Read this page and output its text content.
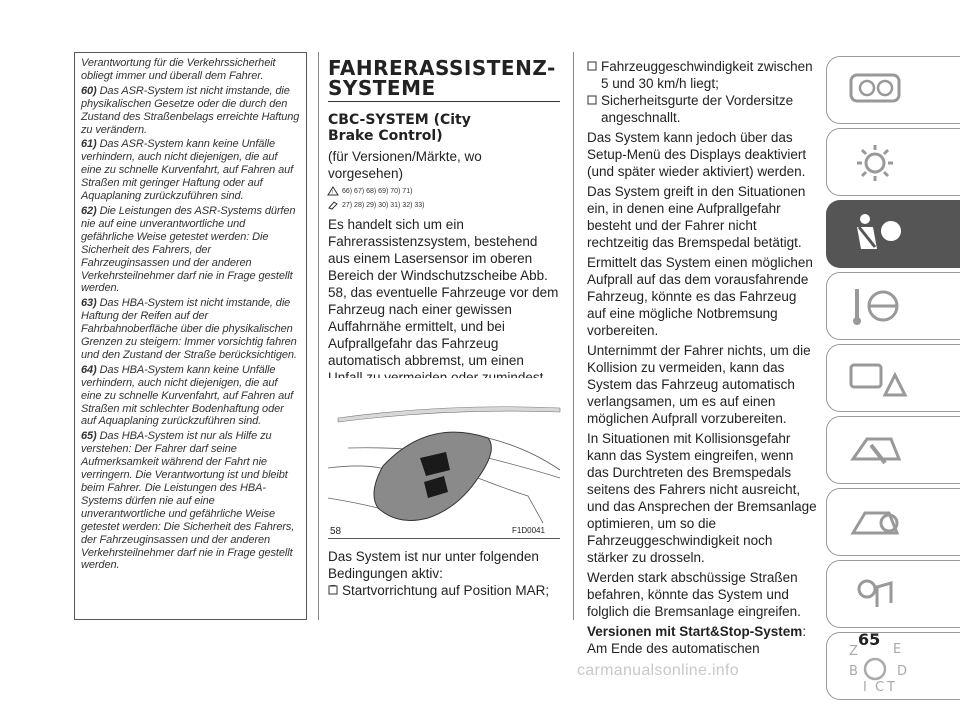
Verantwortung für die Verkehrssicherheit obliegt immer und überall dem Fahrer.

60) Das ASR-System ist nicht imstande, die physikalischen Gesetze oder die durch den Zustand des Straßenbelags erreichte Haftung zu verändern.

61) Das ASR-System kann keine Unfälle verhindern, auch nicht diejenigen, die auf eine zu schnelle Kurvenfahrt, auf Fahren auf Straßen mit geringer Haftung oder auf Aquaplaning zurückzuführen sind.

62) Die Leistungen des ASR-Systems dürfen nie auf eine unverantwortliche und gefährliche Weise getestet werden: Die Sicherheit des Fahrers, der Fahrzeuginsassen und der anderen Verkehrsteilnehmer darf nie in Frage gestellt werden.

63) Das HBA-System ist nicht imstande, die Haftung der Reifen auf der Fahrbahnoberfläche über die physikalischen Grenzen zu steigern: Immer vorsichtig fahren und den Zustand der Straße berücksichtigen.

64) Das HBA-System kann keine Unfälle verhindern, auch nicht diejenigen, die auf eine zu schnelle Kurvenfahrt, auf Fahren auf Straßen mit schlechter Bodenhaftung oder auf Aquaplaning zurückzuführen sind.

65) Das HBA-System ist nur als Hilfe zu verstehen: Der Fahrer darf seine Aufmerksamkeit während der Fahrt nie verringern. Die Verantwortung ist und bleibt beim Fahrer. Die Leistungen des HBA-Systems dürfen nie auf eine unverantwortliche und gefährliche Weise getestet werden: Die Sicherheit des Fahrers, der Fahrzeuginsassen und der anderen Verkehrsteilnehmer darf nie in Frage gestellt werden.

FAHRERASSISTENZ-
SYSTEME
CBC-SYSTEM (City
Brake Control)
(für Versionen/Märkte, wo vorgesehen)
! 66) 67) 68) 69) 70) 71)
27) 28) 29) 30) 31) 32) 33)
Es handelt sich um ein Fahrerassistenzsystem, bestehend aus einem Lasersensor im oberen Bereich der Windschutzscheibe Abb. 58, das eventuelle Fahrzeuge vor dem Fahrzeug nach einer gewissen Auffahrnähe ermittelt, und bei Aufprallgefahr das Fahrzeug automatisch abbremst, um einen
58	F1D0041
Das System ist nur unter folgenden Bedingungen aktiv:
Startvorrichtung auf Position MAR;
Fahrzeuggeschwindigkeit zwischen 5 und 30 km/h liegt;
Sicherheitsgurte der Vordersitze angeschnallt.
Das System kann jedoch über das Setup-Menü des Displays deaktiviert (und später wieder aktiviert) werden.
Das System greift in den Situationen ein, in denen eine Aufprallgefahr besteht und der Fahrer nicht rechtzeitig das Bremspedal betätigt.
Ermittelt das System einen möglichen Aufprall auf das dem vorausfahrende Fahrzeug, könnte es das Fahrzeug auf eine mögliche Notbremsung vorbereiten.
Unternimmt der Fahrer nichts, um die Kollision zu vermeiden, kann das System das Fahrzeug automatisch verlangsamen, um es auf einen möglichen Aufprall vorzubereiten.
In Situationen mit Kollisionsgefahr kann das System eingreifen, wenn das Durchtreten des Bremspedals seitens des Fahrers nicht ausreicht, und das Ansprechen der Bremsanlage optimieren, um so die Fahrzeuggeschwindigkeit noch stärker zu drosseln.
Werden stark abschüssige Straßen befahren, könnte das System und folglich die Bremsanlage eingreifen.
Versionen mit Start&Stop-System:
Am Ende des automatischen	Z	E
B	D
I C T
65
carmanualsonline.info
